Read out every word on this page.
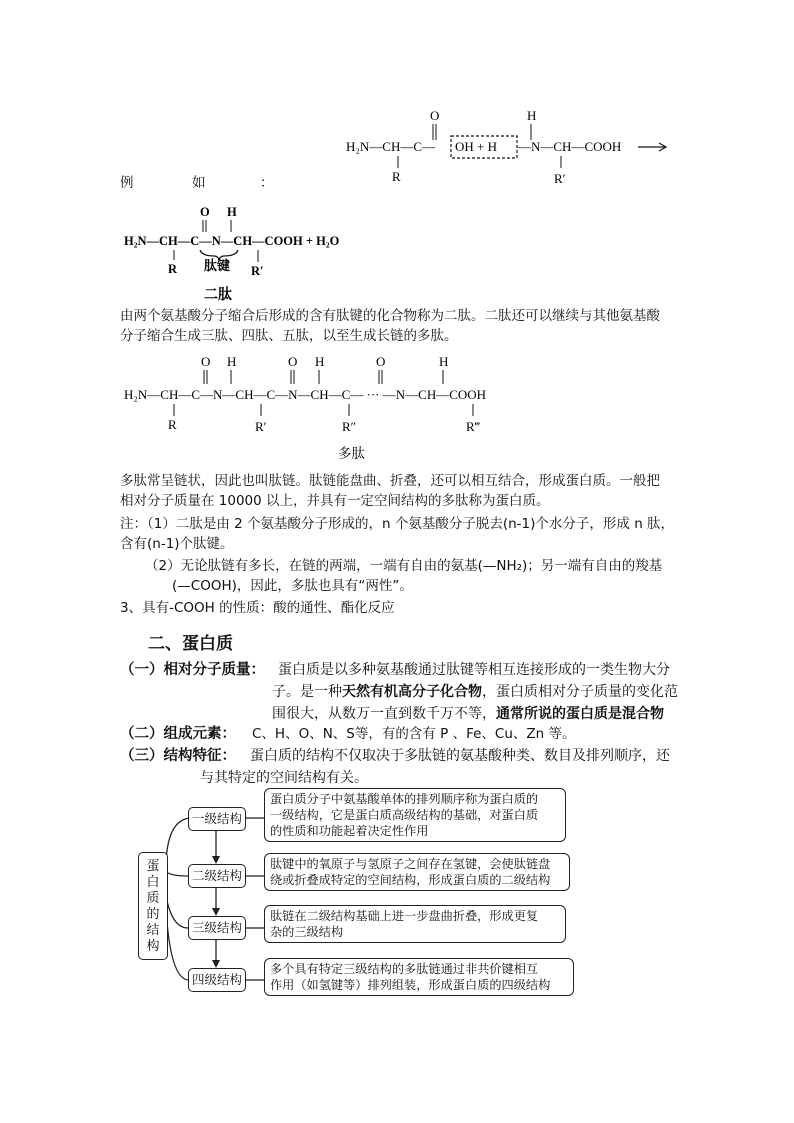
O	H
H₂N—CH—C— OH + H —N—CH—COOH
R	R′
例	如	：
O H
H₂N—CH—C—N—CH—COOH + H₂O
R 肽键 R′
二肽
由两个氨基酸分子缩合后形成的含有肽键的化合物称为二肽。二肽还可以继续与其他氨基酸
分子缩合生成三肽、四肽、五肽，以至生成长链的多肽。
O H	O H	O	H
H₂N—CH—C—N—CH—C—N—CH—C— ··· —N—CH—COOH
R	R′	R″	R‴
多肽
多肽常呈链状，因此也叫肽链。肽链能盘曲、折叠，还可以相互结合，形成蛋白质。一般把
相对分子质量在 10000 以上，并具有一定空间结构的多肽称为蛋白质。
注：（1）二肽是由 2 个氨基酸分子形成的，n 个氨基酸分子脱去(n-1)个水分子，形成 n 肽，
含有(n-1)个肽键。
（2）无论肽链有多长，在链的两端，一端有自由的氨基(—NH₂)；另一端有自由的羧基
(—COOH)，因此，多肽也具有“两性”。
3、具有-COOH 的性质：酸的通性、酯化反应
二、蛋白质
（一）相对分子质量： 蛋白质是以多种氨基酸通过肽键等相互连接形成的一类生物大分
子。是一种天然有机高分子化合物，蛋白质相对分子质量的变化范
围很大，从数万一直到数千万不等，通常所说的蛋白质是混合物
（二）组成元素： C、H、O、N、S等，有的含有 P 、Fe、Cu、Zn 等。
（三）结构特征： 蛋白质的结构不仅取决于多肽链的氨基酸种类、数目及排列顺序，还
与其特定的空间结构有关。
蛋
白
质
的
结
构
一级结构
二级结构
三级结构
四级结构
蛋白质分子中氨基酸单体的排列顺序称为蛋白质的
一级结构，它是蛋白质高级结构的基础，对蛋白质
的性质和功能起着决定性作用
肽键中的氧原子与氢原子之间存在氢键，会使肽链盘
绕或折叠成特定的空间结构，形成蛋白质的二级结构
肽链在二级结构基础上进一步盘曲折叠，形成更复
杂的三级结构
多个具有特定三级结构的多肽链通过非共价键相互
作用（如氢键等）排列组装，形成蛋白质的四级结构
